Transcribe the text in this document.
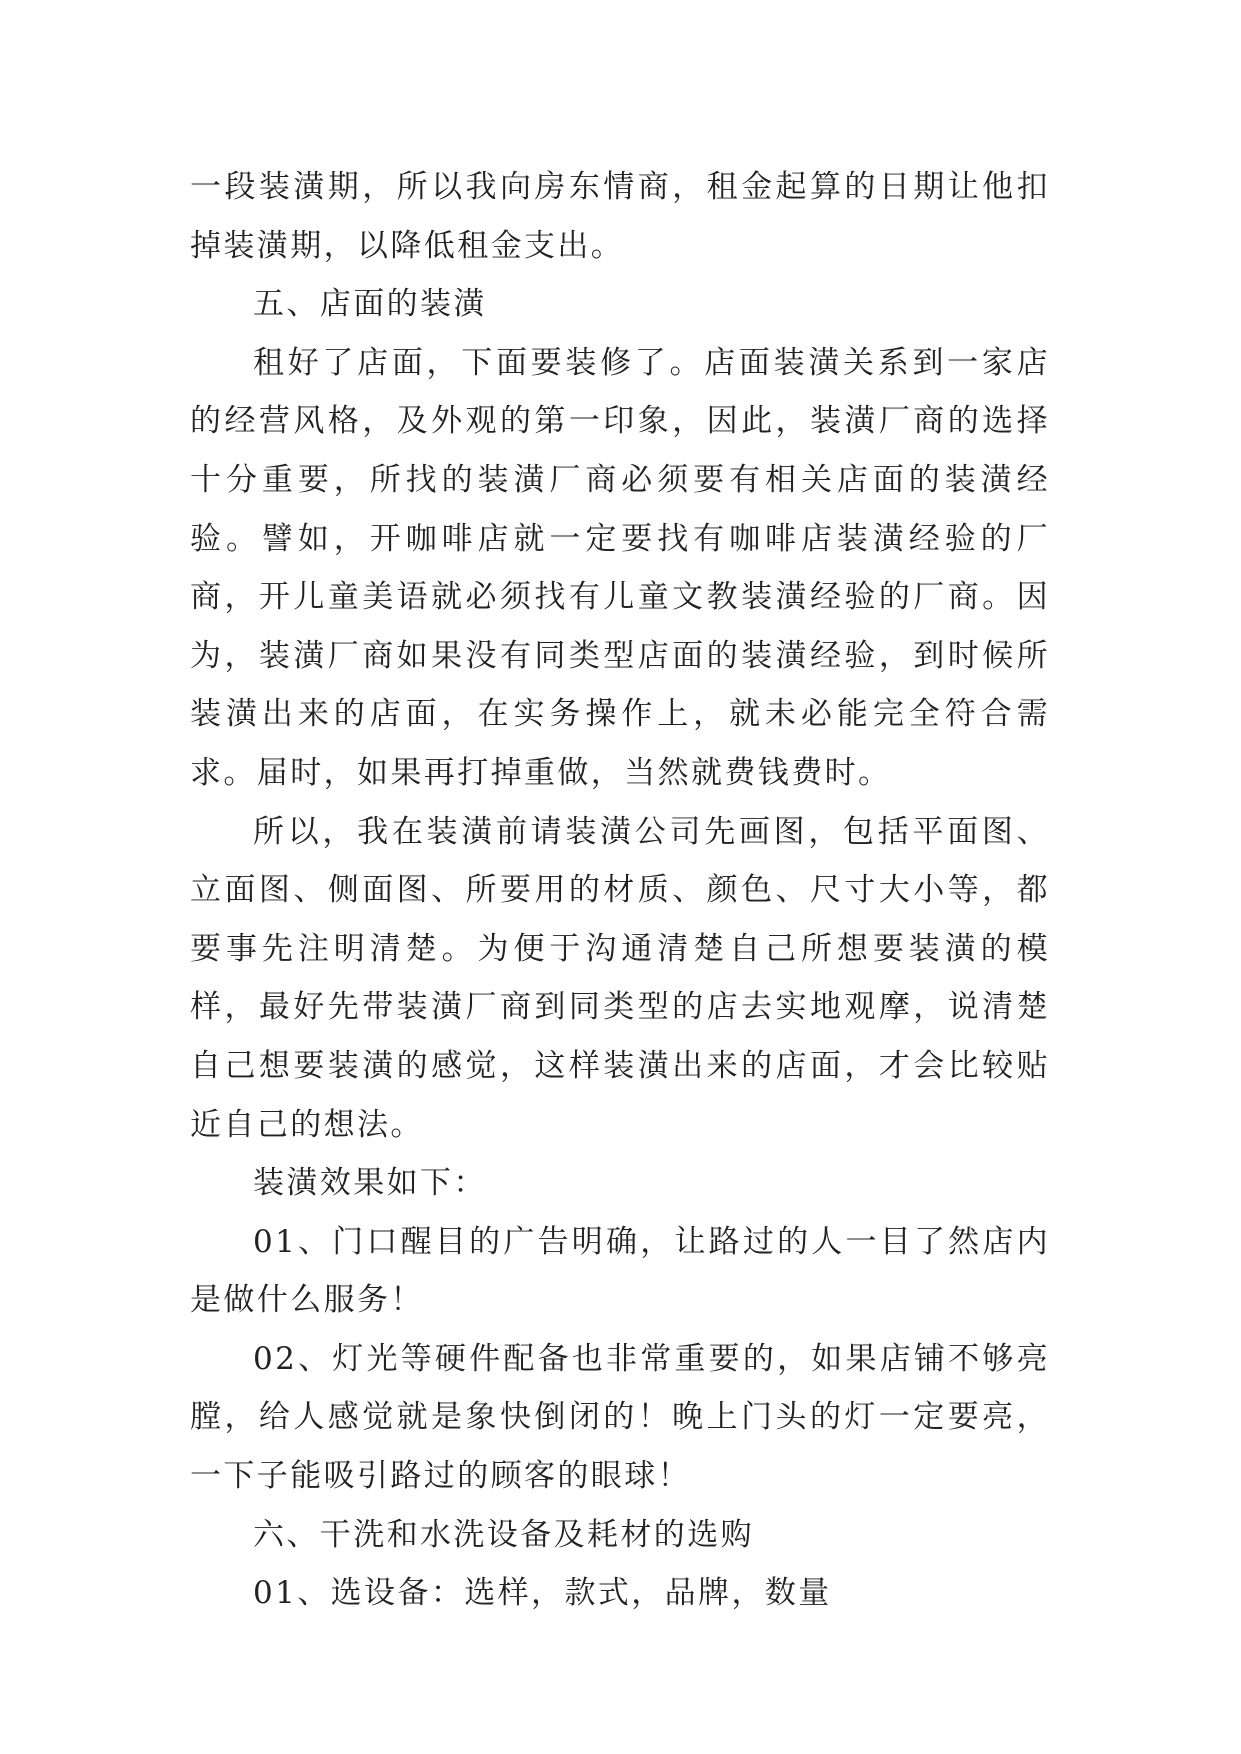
一段装潢期，所以我向房东情商，租金起算的日期让他扣掉装潢期，以降低租金支出。

五、店面的装潢

租好了店面，下面要装修了。店面装潢关系到一家店的经营风格，及外观的第一印象，因此，装潢厂商的选择十分重要，所找的装潢厂商必须要有相关店面的装潢经验。譬如，开咖啡店就一定要找有咖啡店装潢经验的厂商，开儿童美语就必须找有儿童文教装潢经验的厂商。因为，装潢厂商如果没有同类型店面的装潢经验，到时候所装潢出来的店面，在实务操作上，就未必能完全符合需求。届时，如果再打掉重做，当然就费钱费时。

所以，我在装潢前请装潢公司先画图，包括平面图、立面图、侧面图、所要用的材质、颜色、尺寸大小等，都要事先注明清楚。为便于沟通清楚自己所想要装潢的模样，最好先带装潢厂商到同类型的店去实地观摩，说清楚自己想要装潢的感觉，这样装潢出来的店面，才会比较贴近自己的想法。

装潢效果如下：

01、门口醒目的广告明确，让路过的人一目了然店内是做什么服务！

02、灯光等硬件配备也非常重要的，如果店铺不够亮膛，给人感觉就是象快倒闭的！晚上门头的灯一定要亮，一下子能吸引路过的顾客的眼球！

六、干洗和水洗设备及耗材的选购

01、选设备：选样，款式，品牌，数量
